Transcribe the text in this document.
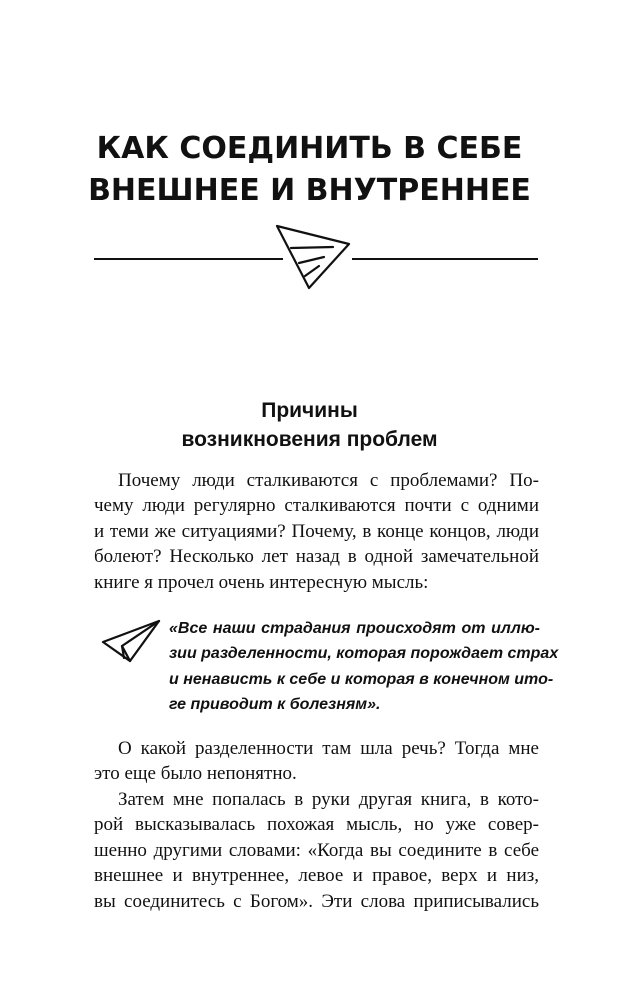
КАК СОЕДИНИТЬ В СЕБЕ
ВНЕШНЕЕ И ВНУТРЕННЕЕ
Причины
возникновения проблем
Почему люди сталкиваются с проблемами? По-
чему люди регулярно сталкиваются почти с одними
и теми же ситуациями? Почему, в конце концов, люди
болеют? Несколько лет назад в одной замечательной
книге я прочел очень интересную мысль:
«Все наши страдания происходят от иллю-
зии разделенности, которая порождает страх
и ненависть к себе и которая в конечном ито-
ге приводит к болезням».
О какой разделенности там шла речь? Тогда мне
это еще было непонятно.
Затем мне попалась в руки другая книга, в кото-
рой высказывалась похожая мысль, но уже совер-
шенно другими словами: «Когда вы соедините в себе
внешнее и внутреннее, левое и правое, верх и низ,
вы соединитесь с Богом». Эти слова приписывались
